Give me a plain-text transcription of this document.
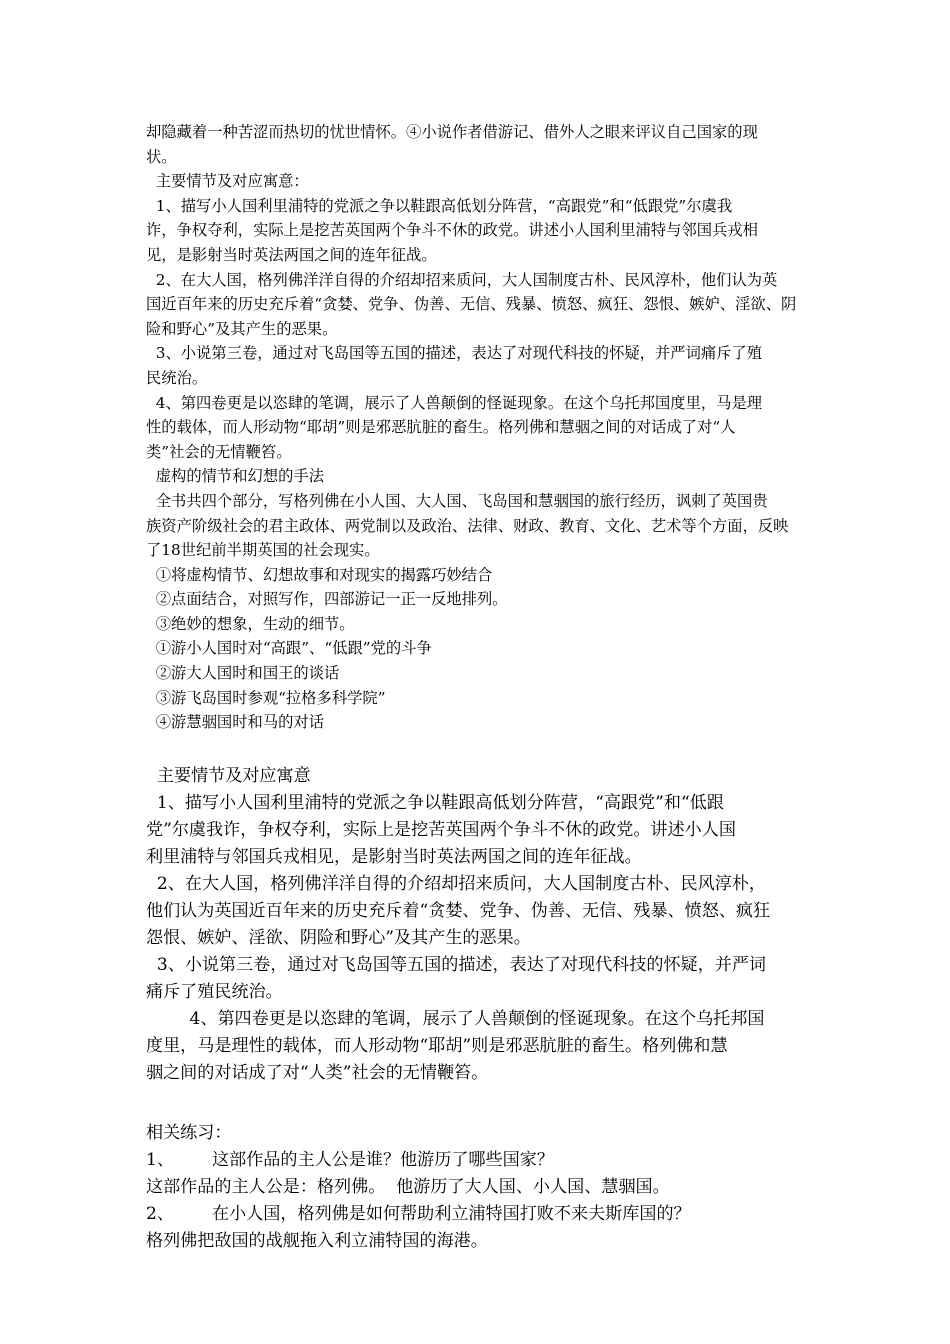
却隐藏着一种苦涩而热切的忧世情怀。④小说作者借游记、借外人之眼来评议自己国家的现

状。

主要情节及对应寓意：

1、描写小人国利里浦特的党派之争以鞋跟高低划分阵营，“高跟党”和“低跟党”尔虞我

诈，争权夺利，实际上是挖苦英国两个争斗不休的政党。讲述小人国利里浦特与邻国兵戎相

见，是影射当时英法两国之间的连年征战。

2、在大人国，格列佛洋洋自得的介绍却招来质问，大人国制度古朴、民风淳朴，他们认为英

国近百年来的历史充斥着“贪婪、党争、伪善、无信、残暴、愤怒、疯狂、怨恨、嫉妒、淫欲、阴

险和野心”及其产生的恶果。

3、小说第三卷，通过对飞岛国等五国的描述，表达了对现代科技的怀疑，并严词痛斥了殖

民统治。

4、第四卷更是以恣肆的笔调，展示了人兽颠倒的怪诞现象。在这个乌托邦国度里，马是理

性的载体，而人形动物“耶胡”则是邪恶肮脏的畜生。格列佛和慧骃之间的对话成了对“人

类”社会的无情鞭笞。

虚构的情节和幻想的手法

全书共四个部分，写格列佛在小人国、大人国、飞岛国和慧骃国的旅行经历，讽刺了英国贵

族资产阶级社会的君主政体、两党制以及政治、法律、财政、教育、文化、艺术等个方面，反映

了18世纪前半期英国的社会现实。

①将虚构情节、幻想故事和对现实的揭露巧妙结合

②点面结合，对照写作，四部游记一正一反地排列。

③绝妙的想象，生动的细节。

①游小人国时对“高跟”、“低跟”党的斗争

②游大人国时和国王的谈话

③游飞岛国时参观“拉格多科学院”

④游慧骃国时和马的对话

主要情节及对应寓意

1、描写小人国利里浦特的党派之争以鞋跟高低划分阵营，“高跟党”和“低跟

党”尔虞我诈，争权夺利，实际上是挖苦英国两个争斗不休的政党。讲述小人国

利里浦特与邻国兵戎相见，是影射当时英法两国之间的连年征战。

2、在大人国，格列佛洋洋自得的介绍却招来质问，大人国制度古朴、民风淳朴，

他们认为英国近百年来的历史充斥着“贪婪、党争、伪善、无信、残暴、愤怒、疯狂

怨恨、嫉妒、淫欲、阴险和野心”及其产生的恶果。

3、小说第三卷，通过对飞岛国等五国的描述，表达了对现代科技的怀疑，并严词

痛斥了殖民统治。

4、第四卷更是以恣肆的笔调，展示了人兽颠倒的怪诞现象。在这个乌托邦国

度里，马是理性的载体，而人形动物“耶胡”则是邪恶肮脏的畜生。格列佛和慧

骃之间的对话成了对“人类”社会的无情鞭笞。

相关练习：

1、       这部作品的主人公是谁？他游历了哪些国家？

这部作品的主人公是：格列佛。  他游历了大人国、小人国、慧骃国。

2、       在小人国，格列佛是如何帮助利立浦特国打败不来夫斯库国的？

格列佛把敌国的战舰拖入利立浦特国的海港。
